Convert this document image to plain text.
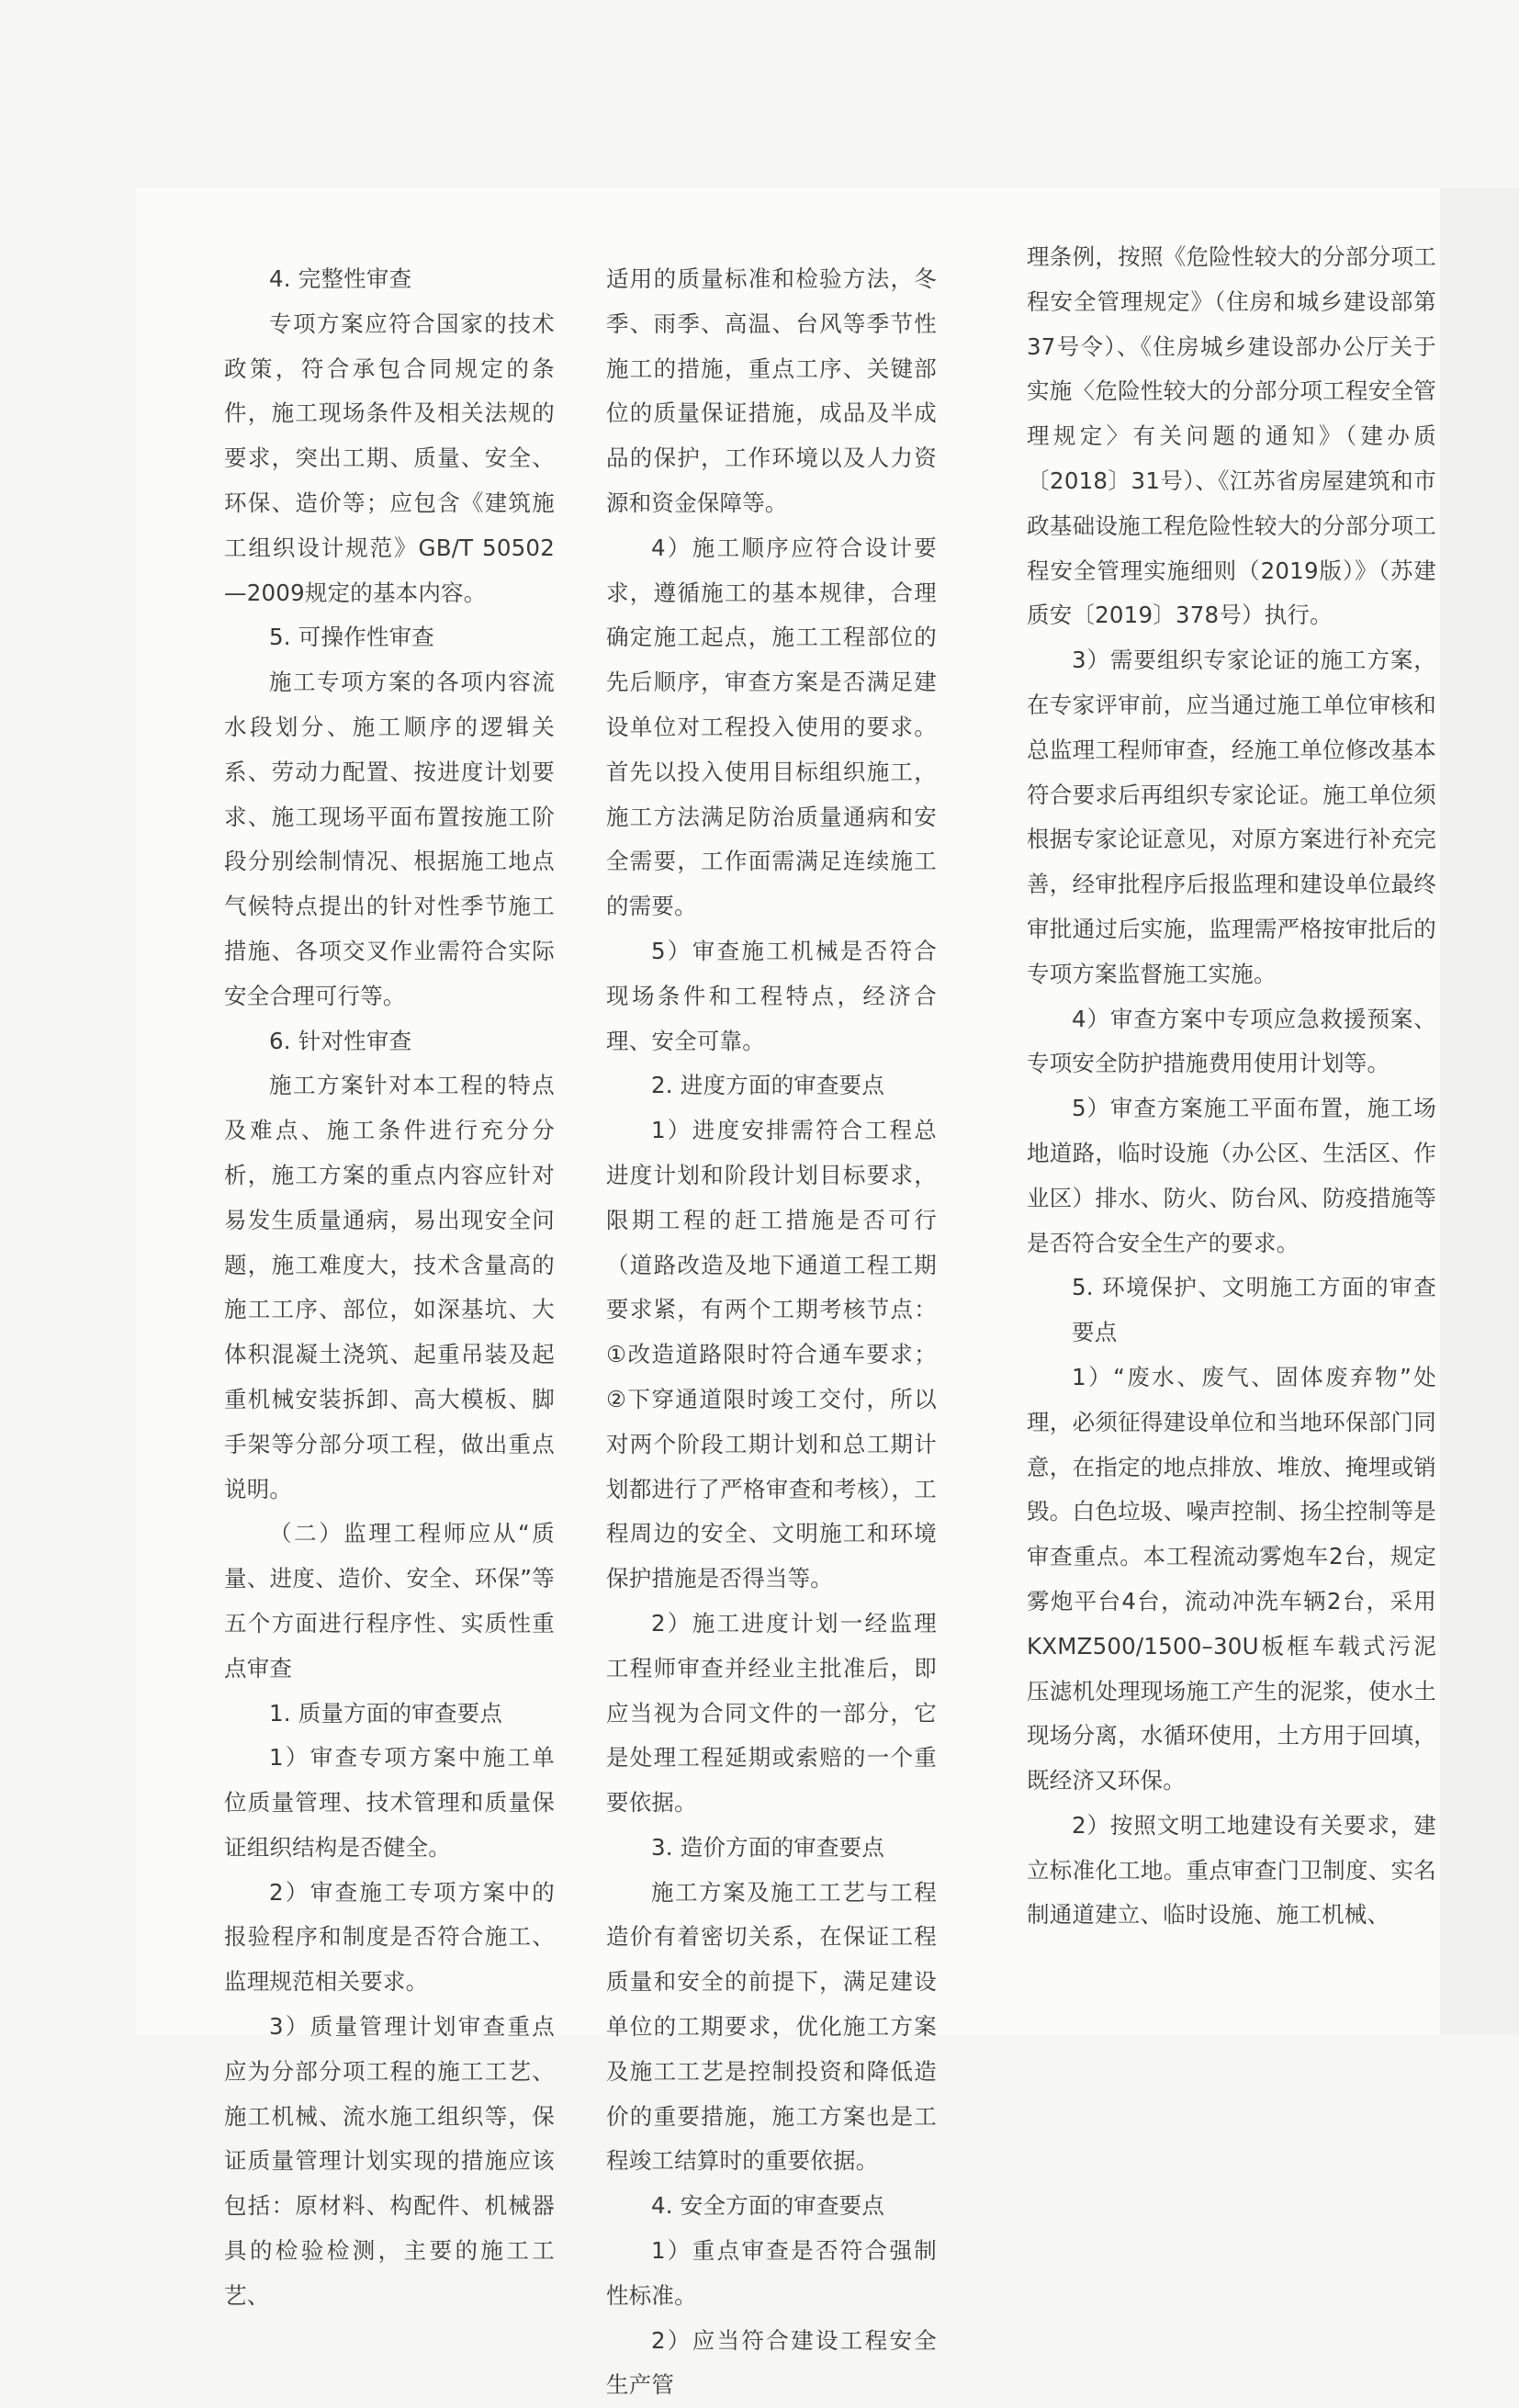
4. 完整性审查

专项方案应符合国家的技术政策，符合承包合同规定的条件，施工现场条件及相关法规的要求，突出工期、质量、安全、环保、造价等；应包含《建筑施工组织设计规范》GB/T 50502—2009规定的基本内容。

5. 可操作性审查

施工专项方案的各项内容流水段划分、施工顺序的逻辑关系、劳动力配置、按进度计划要求、施工现场平面布置按施工阶段分别绘制情况、根据施工地点气候特点提出的针对性季节施工措施、各项交叉作业需符合实际安全合理可行等。

6. 针对性审查

施工方案针对本工程的特点及难点、施工条件进行充分分析，施工方案的重点内容应针对易发生质量通病，易出现安全问题，施工难度大，技术含量高的施工工序、部位，如深基坑、大体积混凝土浇筑、起重吊装及起重机械安装拆卸、高大模板、脚手架等分部分项工程，做出重点说明。

（二）监理工程师应从“质量、进度、造价、安全、环保”等五个方面进行程序性、实质性重点审查

1. 质量方面的审查要点

1）审查专项方案中施工单位质量管理、技术管理和质量保证组织结构是否健全。

2）审查施工专项方案中的报验程序和制度是否符合施工、监理规范相关要求。

3）质量管理计划审查重点应为分部分项工程的施工工艺、施工机械、流水施工组织等，保证质量管理计划实现的措施应该包括：原材料、构配件、机械器具的检验检测，主要的施工工艺、

适用的质量标准和检验方法，冬季、雨季、高温、台风等季节性施工的措施，重点工序、关键部位的质量保证措施，成品及半成品的保护，工作环境以及人力资源和资金保障等。

4）施工顺序应符合设计要求，遵循施工的基本规律，合理确定施工起点，施工工程部位的先后顺序，审查方案是否满足建设单位对工程投入使用的要求。首先以投入使用目标组织施工，施工方法满足防治质量通病和安全需要，工作面需满足连续施工的需要。

5）审查施工机械是否符合现场条件和工程特点，经济合理、安全可靠。

2. 进度方面的审查要点

1）进度安排需符合工程总进度计划和阶段计划目标要求，限期工程的赶工措施是否可行（道路改造及地下通道工程工期要求紧，有两个工期考核节点：①改造道路限时符合通车要求；②下穿通道限时竣工交付，所以对两个阶段工期计划和总工期计划都进行了严格审查和考核），工程周边的安全、文明施工和环境保护措施是否得当等。

2）施工进度计划一经监理工程师审查并经业主批准后，即应当视为合同文件的一部分，它是处理工程延期或索赔的一个重要依据。

3. 造价方面的审查要点

施工方案及施工工艺与工程造价有着密切关系，在保证工程质量和安全的前提下，满足建设单位的工期要求，优化施工方案及施工工艺是控制投资和降低造价的重要措施，施工方案也是工程竣工结算时的重要依据。

4. 安全方面的审查要点

1）重点审查是否符合强制性标准。

2）应当符合建设工程安全生产管

理条例，按照《危险性较大的分部分项工程安全管理规定》（住房和城乡建设部第37号令）、《住房城乡建设部办公厅关于实施〈危险性较大的分部分项工程安全管理规定〉有关问题的通知》（建办质〔2018〕31号）、《江苏省房屋建筑和市政基础设施工程危险性较大的分部分项工程安全管理实施细则（2019版）》（苏建质安〔2019〕378号）执行。

3）需要组织专家论证的施工方案，在专家评审前，应当通过施工单位审核和总监理工程师审查，经施工单位修改基本符合要求后再组织专家论证。施工单位须根据专家论证意见，对原方案进行补充完善，经审批程序后报监理和建设单位最终审批通过后实施，监理需严格按审批后的专项方案监督施工实施。

4）审查方案中专项应急救援预案、专项安全防护措施费用使用计划等。

5）审查方案施工平面布置，施工场地道路，临时设施（办公区、生活区、作业区）排水、防火、防台风、防疫措施等是否符合安全生产的要求。

5. 环境保护、文明施工方面的审查要点

1）“废水、废气、固体废弃物”处理，必须征得建设单位和当地环保部门同意，在指定的地点排放、堆放、掩埋或销毁。白色垃圾、噪声控制、扬尘控制等是审查重点。本工程流动雾炮车2台，规定雾炮平台4台，流动冲洗车辆2台，采用KXMZ500/1500–30U板框车载式污泥压滤机处理现场施工产生的泥浆，使水土现场分离，水循环使用，土方用于回填，既经济又环保。

2）按照文明工地建设有关要求，建立标准化工地。重点审查门卫制度、实名制通道建立、临时设施、施工机械、
